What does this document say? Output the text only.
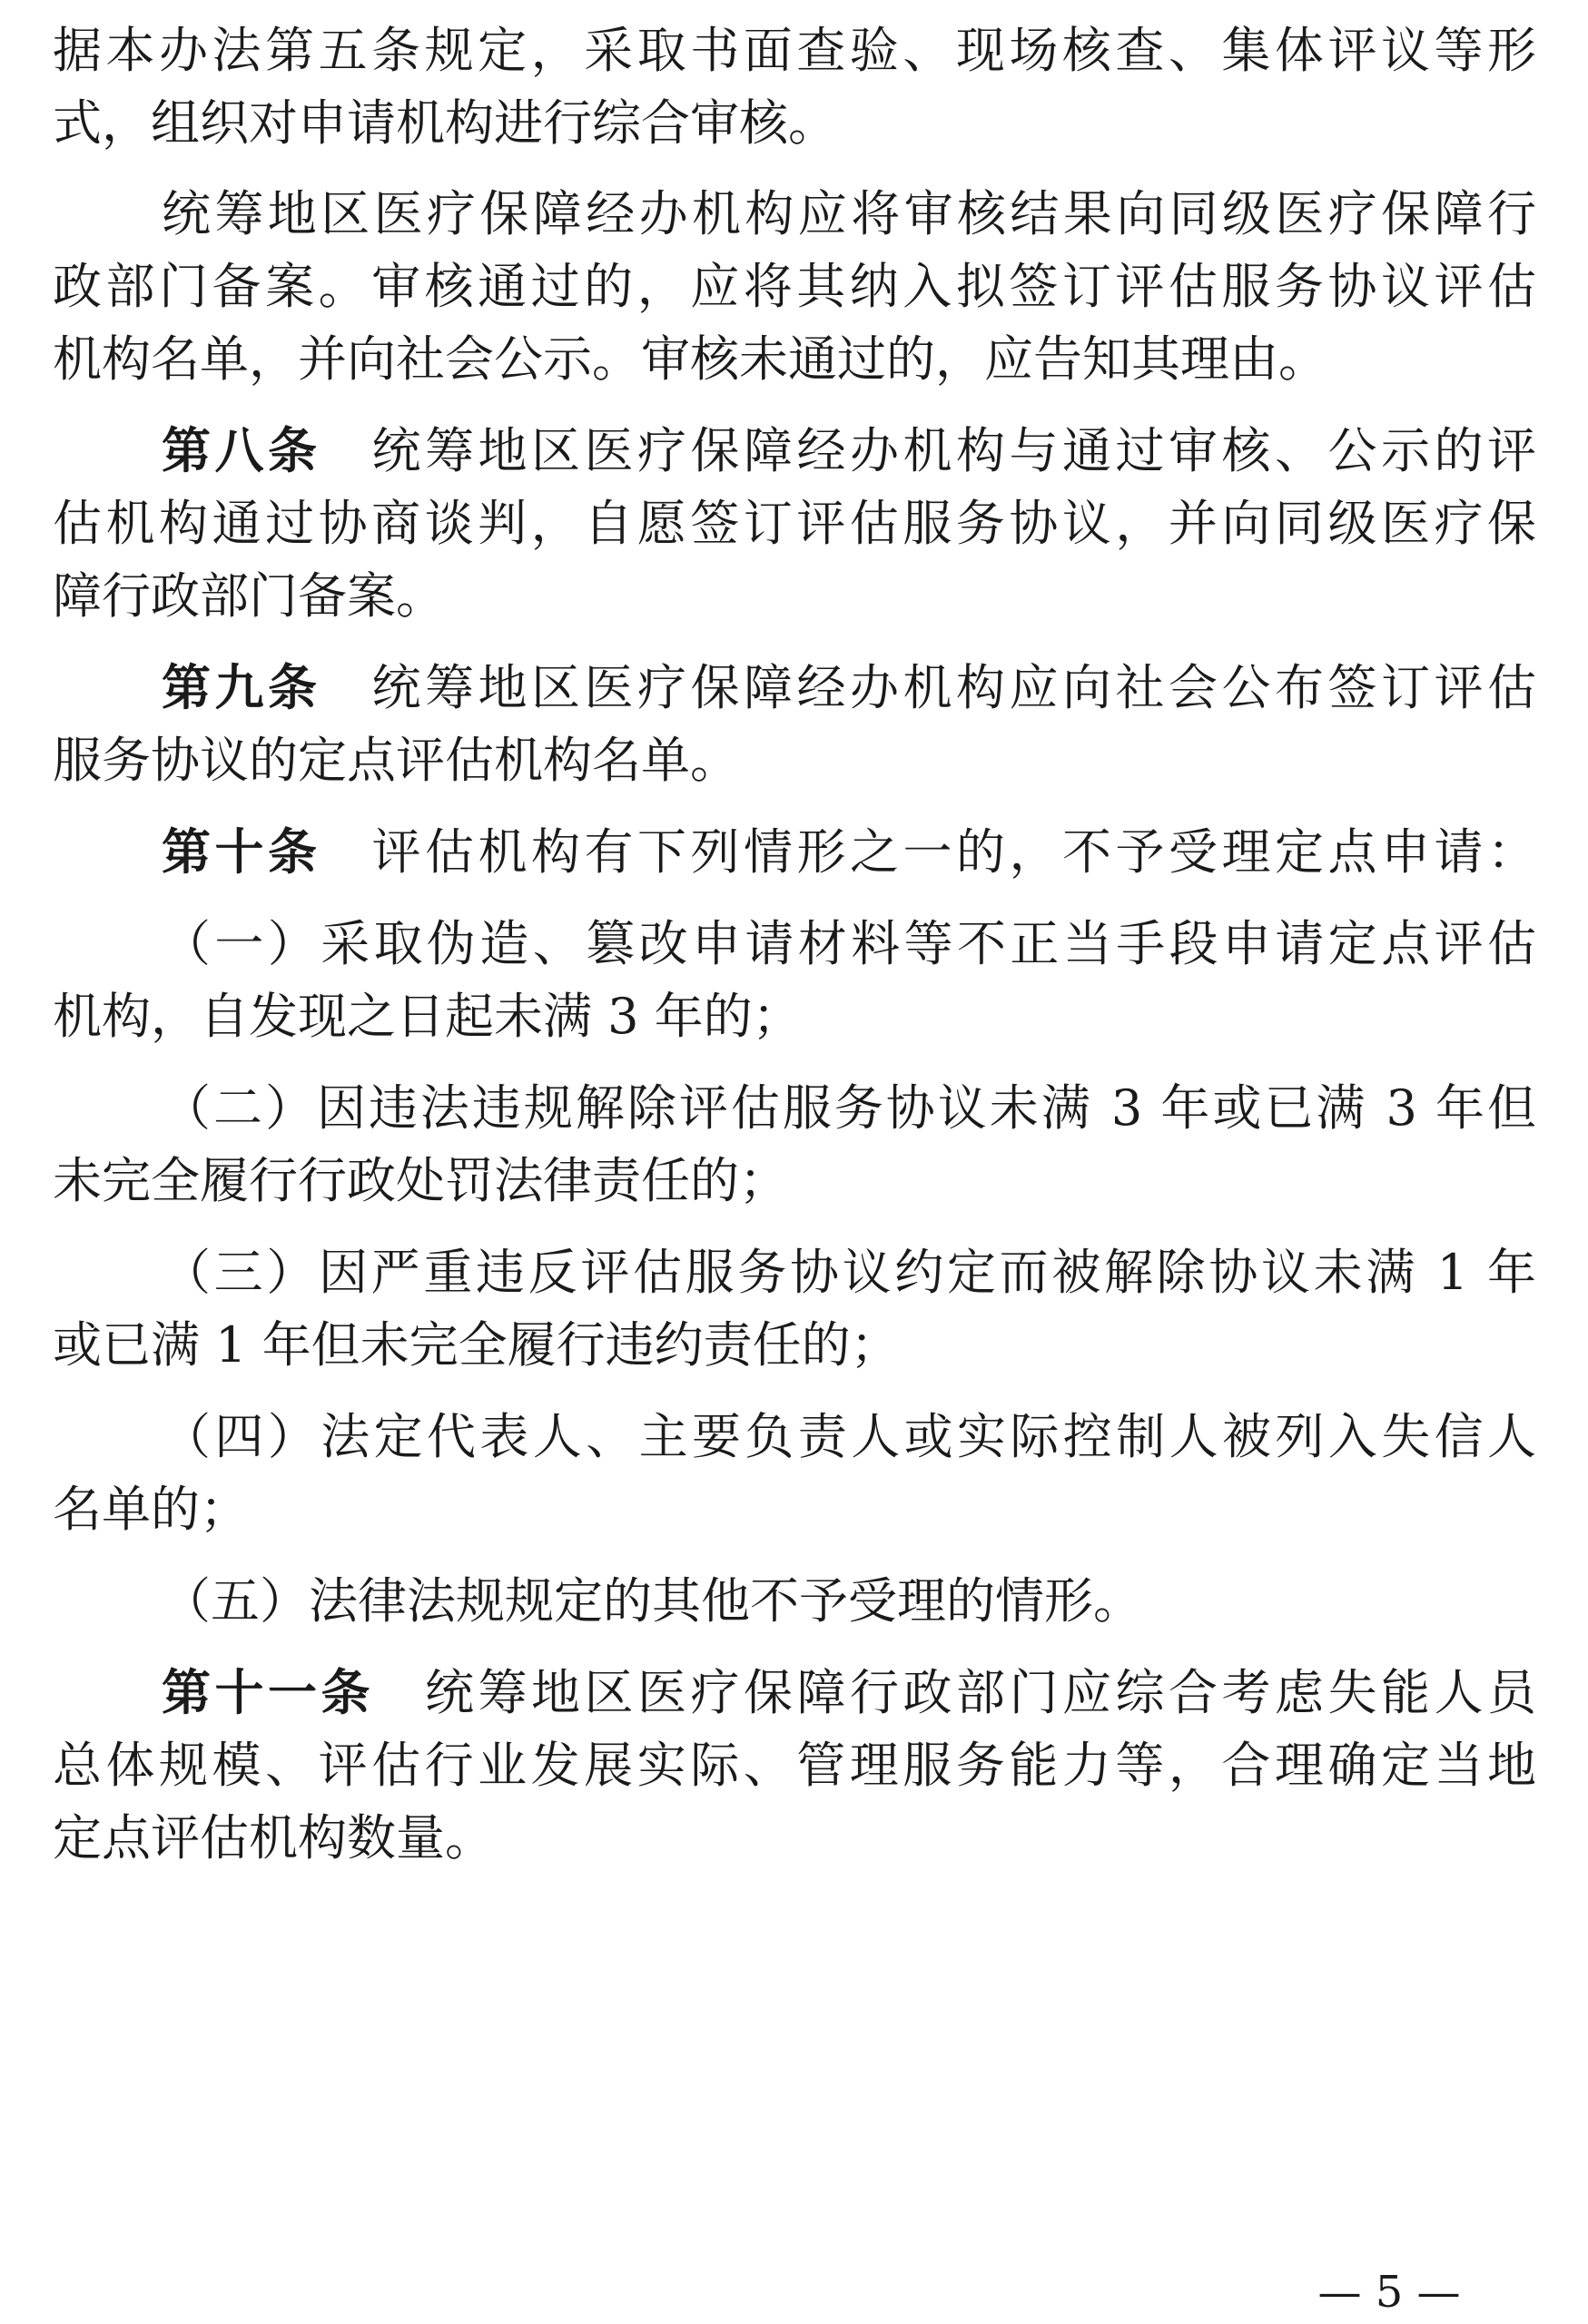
据本办法第五条规定，采取书面查验、现场核查、集体评议等形
式，组织对申请机构进行综合审核。
统筹地区医疗保障经办机构应将审核结果向同级医疗保障行
政部门备案。审核通过的，应将其纳入拟签订评估服务协议评估
机构名单，并向社会公示。审核未通过的，应告知其理由。
第八条 统筹地区医疗保障经办机构与通过审核、公示的评
估机构通过协商谈判，自愿签订评估服务协议，并向同级医疗保
障行政部门备案。
第九条 统筹地区医疗保障经办机构应向社会公布签订评估
服务协议的定点评估机构名单。
第十条 评估机构有下列情形之一的，不予受理定点申请：
（一）采取伪造、篡改申请材料等不正当手段申请定点评估
机构，自发现之日起未满 3 年的；
（二）因违法违规解除评估服务协议未满 3 年或已满 3 年但
未完全履行行政处罚法律责任的；
（三）因严重违反评估服务协议约定而被解除协议未满 1 年
或已满 1 年但未完全履行违约责任的；
（四）法定代表人、主要负责人或实际控制人被列入失信人
名单的；
（五）法律法规规定的其他不予受理的情形。
第十一条 统筹地区医疗保障行政部门应综合考虑失能人员
总体规模、评估行业发展实际、管理服务能力等，合理确定当地
定点评估机构数量。
— 5 —
